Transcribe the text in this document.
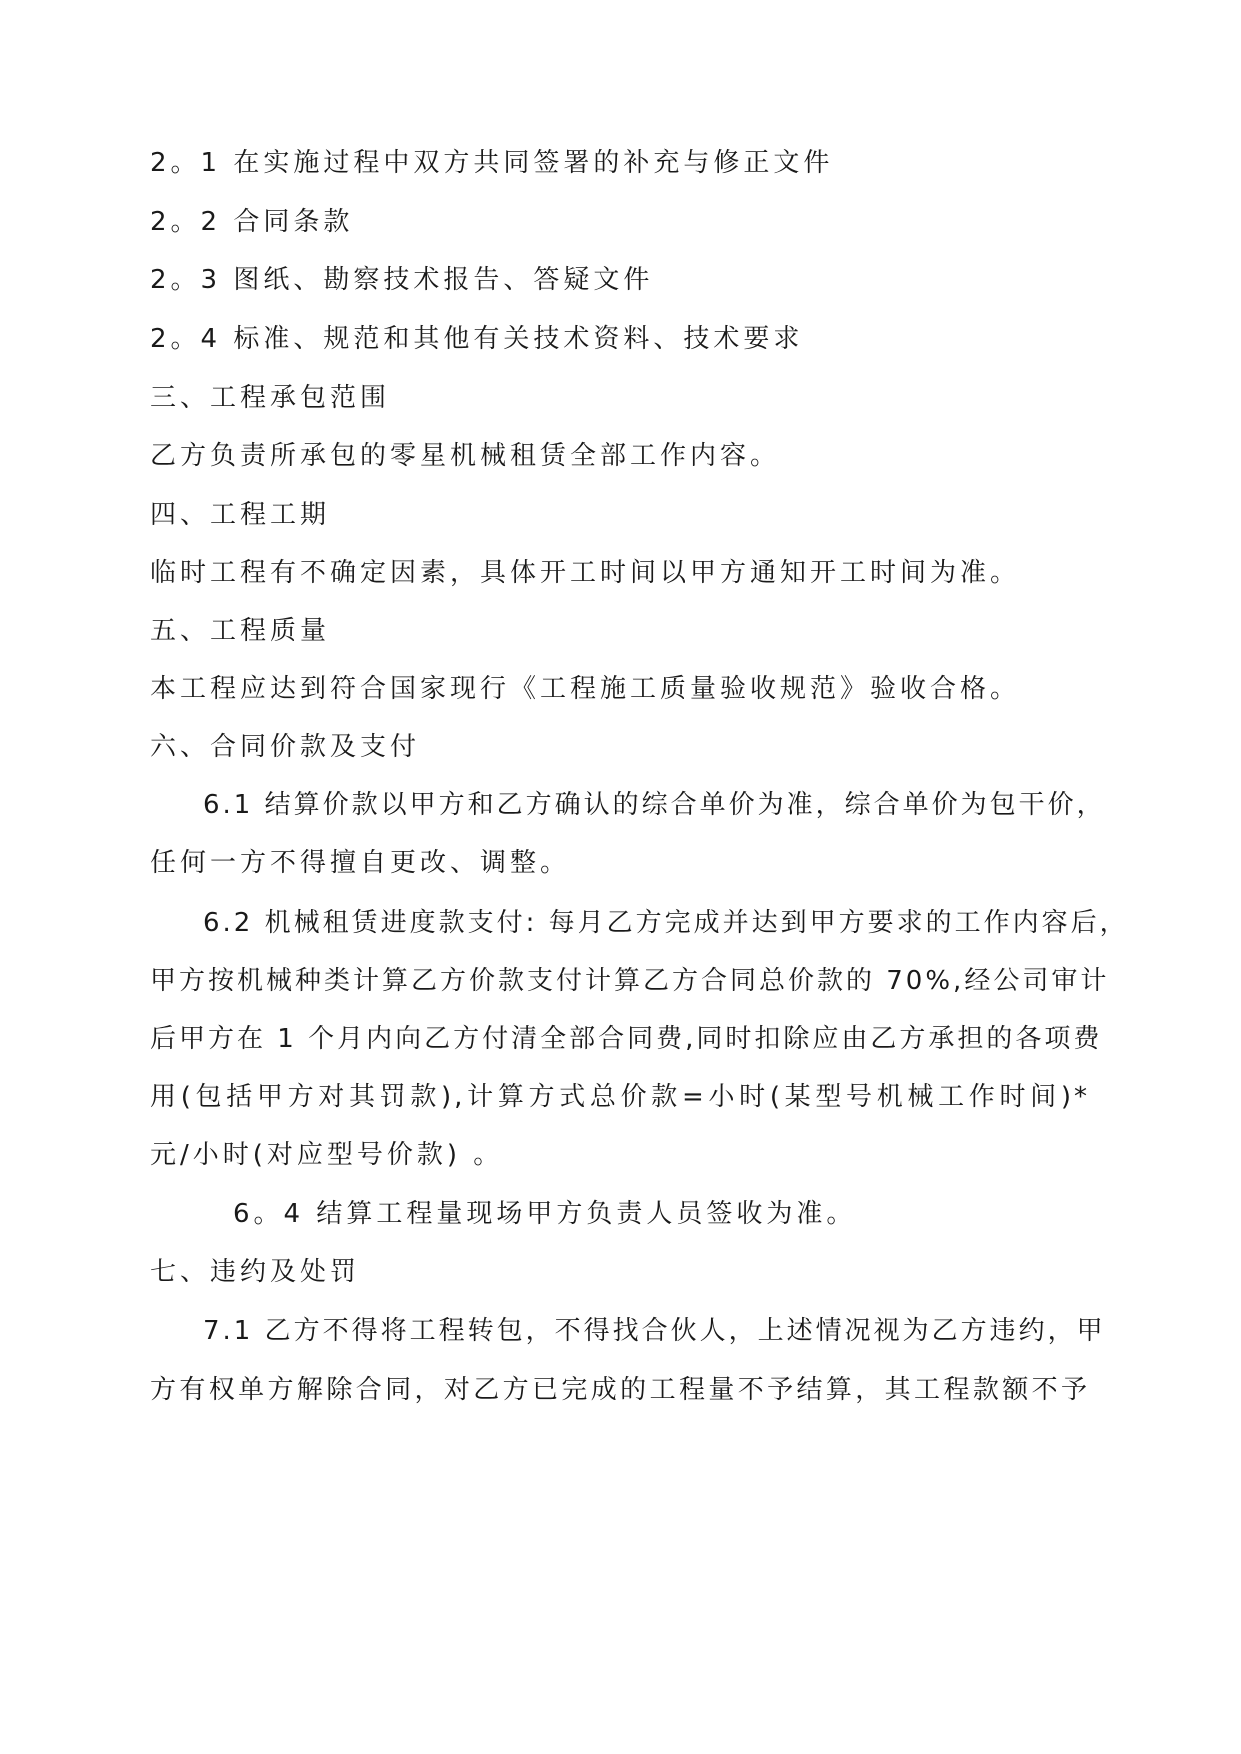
2。1 在实施过程中双方共同签署的补充与修正文件
2。2 合同条款
2。3 图纸、勘察技术报告、答疑文件
2。4 标准、规范和其他有关技术资料、技术要求
三、工程承包范围
乙方负责所承包的零星机械租赁全部工作内容。
四、工程工期
临时工程有不确定因素，具体开工时间以甲方通知开工时间为准。
五、工程质量
本工程应达到符合国家现行《工程施工质量验收规范》验收合格。
六、合同价款及支付
6.1 结算价款以甲方和乙方确认的综合单价为准，综合单价为包干价，
任何一方不得擅自更改、调整。
6.2 机械租赁进度款支付: 每月乙方完成并达到甲方要求的工作内容后，
甲方按机械种类计算乙方价款支付计算乙方合同总价款的 70%,经公司审计
后甲方在 1 个月内向乙方付清全部合同费,同时扣除应由乙方承担的各项费
用(包括甲方对其罚款),计算方式总价款=小时(某型号机械工作时间)*
元/小时(对应型号价款) 。
6。4 结算工程量现场甲方负责人员签收为准。
七、违约及处罚
7.1 乙方不得将工程转包，不得找合伙人，上述情况视为乙方违约，甲
方有权单方解除合同，对乙方已完成的工程量不予结算，其工程款额不予
